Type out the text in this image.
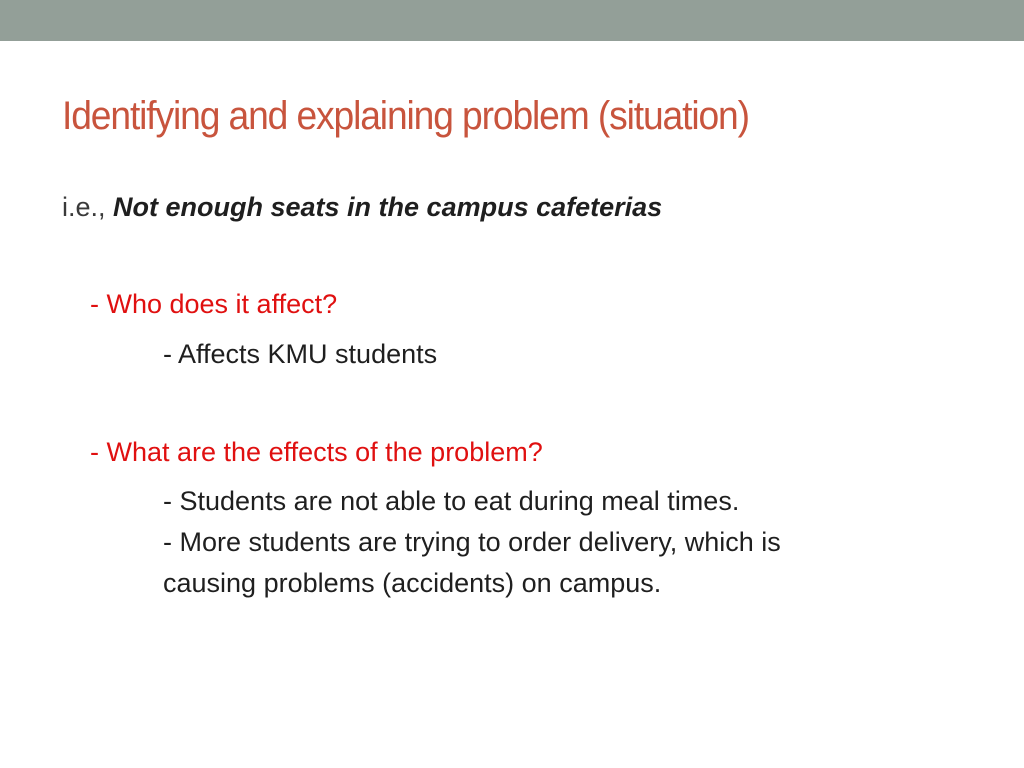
Identifying and explaining problem (situation)
i.e., Not enough seats in the campus cafeterias
- Who does it affect?
- Affects KMU students
- What are the effects of the problem?
- Students are not able to eat during meal times.
- More students are trying to order delivery, which is
causing problems (accidents) on campus.
